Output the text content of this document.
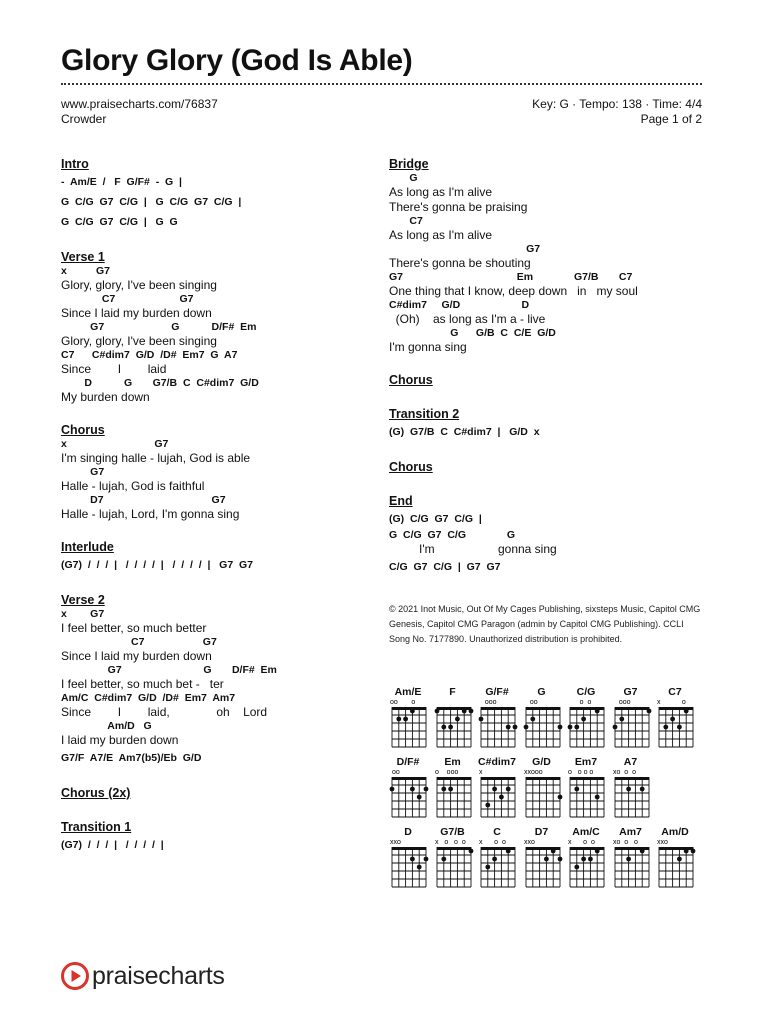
Glory Glory (God Is Able)
www.praisecharts.com/76837
Crowder
Key: G · Tempo: 138 · Time: 4/4
Page 1 of 2
Intro
-  Am/E  /   F  G/F#  -  G  |
G  C/G  G7  C/G  |   G  C/G  G7  C/G  |
G  C/G  G7  C/G  |   G  G
Verse 1
x          G7
Glory, glory, I've been singing
C7                      G7
Since I laid my burden down
G7                       G           D/F#  Em
Glory, glory, I've been singing
C7      C#dim7  G/D  /D#  Em7  G  A7
Since        I        laid
D           G       G7/B  C  C#dim7  G/D
My burden down
Chorus
x                              G7
I'm singing halle - lujah, God is able
G7
Halle - lujah, God is faithful
D7                                     G7
Halle - lujah, Lord, I'm gonna sing
Interlude
(G7)  /  /  /  |   /  /  /  /  |   /  /  /  /  |   G7  G7
Verse 2
x        G7
I feel better, so much better
C7                    G7
Since I laid my burden down
G7                            G       D/F#  Em
I feel better, so much bet -   ter
Am/C  C#dim7  G/D  /D#  Em7  Am7
Since        I        laid,              oh    Lord
Am/D   G
I laid my burden down
G7/F  A7/E  Am7(b5)/Eb  G/D
Chorus (2x)
Transition 1
(G7)  /  /  /  |   /  /  /  /  |
Bridge
G
As long as I'm alive
There's gonna be praising
C7
As long as I'm alive
G7
There's gonna be shouting
G7                                       Em              G7/B       C7
One thing that I know, deep down   in   my soul
C#dim7     G/D                     D
(Oh)    as long as I'm a - live
G      G/B  C  C/E  G/D
I'm gonna sing
Chorus
Transition 2
(G)  G7/B  C  C#dim7  |   G/D  x
Chorus
End
(G)  C/G  G7  C/G  |
G  C/G  G7  C/G              G
I'm                   gonna sing
C/G  G7  C/G  |  G7  G7
© 2021 Inot Music, Out Of My Cages Publishing, sixsteps Music, Capitol CMG Genesis, Capitol CMG Paragon (admin by Capitol CMG Publishing). CCLI Song No. 7177890. Unauthorized distribution is prohibited.
Am/E
oo       o
F	G/F#
ooo
G
oo
C/G
o  o
G7
ooo
C7
x           o
D/F#
oo
Em
o    ooo
C#dim7
x
G/D
xxooo
Em7
o   o o o
A7
xo  o  o
D
xxo
G7/B
x   o   o  o
C
x      o  o
D7
xxo
Am/C
x      o  o
Am7
xo  o   o
Am/D
xxo
praisecharts
